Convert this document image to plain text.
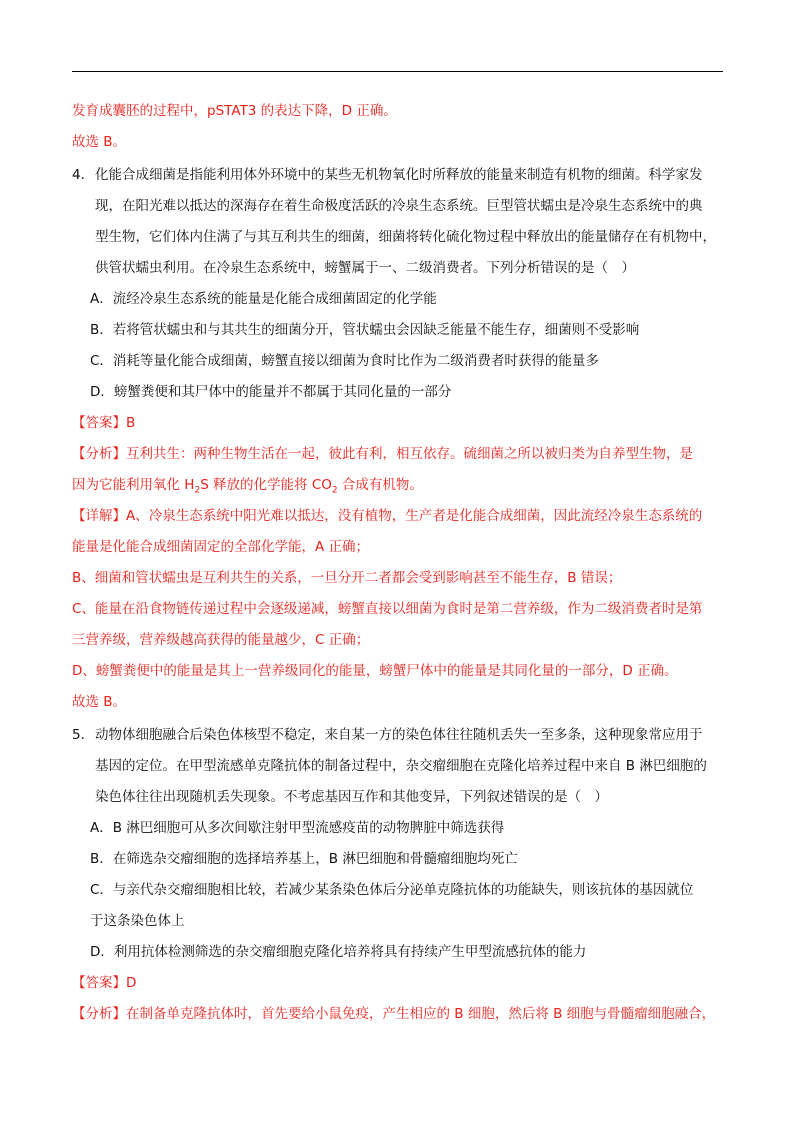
发育成囊胚的过程中，pSTAT3 的表达下降，D 正确。
故选 B。
4． 化能合成细菌是指能利用体外环境中的某些无机物氧化时所释放的能量来制造有机物的细菌。科学家发
现，在阳光难以抵达的深海存在着生命极度活跃的冷泉生态系统。巨型管状蠕虫是冷泉生态系统中的典
型生物，它们体内住满了与其互利共生的细菌，细菌将转化硫化物过程中释放出的能量储存在有机物中，
供管状蠕虫利用。在冷泉生态系统中，螃蟹属于一、二级消费者。下列分析错误的是（　）
A．流经冷泉生态系统的能量是化能合成细菌固定的化学能
B．若将管状蠕虫和与其共生的细菌分开，管状蠕虫会因缺乏能量不能生存，细菌则不受影响
C．消耗等量化能合成细菌，螃蟹直接以细菌为食时比作为二级消费者时获得的能量多
D．螃蟹粪便和其尸体中的能量并不都属于其同化量的一部分
【答案】B
【分析】互利共生：两种生物生活在一起，彼此有利，相互依存。硫细菌之所以被归类为自养型生物，是
因为它能利用氧化 $H_2S$ 释放的化学能将 $CO_2$ 合成有机物。
【详解】A、冷泉生态系统中阳光难以抵达，没有植物，生产者是化能合成细菌，因此流经冷泉生态系统的
能量是化能合成细菌固定的全部化学能，A 正确；
B、细菌和管状蠕虫是互利共生的关系，一旦分开二者都会受到影响甚至不能生存，B 错误；
C、能量在沿食物链传递过程中会逐级递减，螃蟹直接以细菌为食时是第二营养级，作为二级消费者时是第
三营养级，营养级越高获得的能量越少，C 正确；
D、螃蟹粪便中的能量是其上一营养级同化的能量，螃蟹尸体中的能量是其同化量的一部分，D 正确。
故选 B。
5． 动物体细胞融合后染色体核型不稳定，来自某一方的染色体往往随机丢失一至多条，这种现象常应用于
基因的定位。在甲型流感单克隆抗体的制备过程中，杂交瘤细胞在克隆化培养过程中来自 B 淋巴细胞的
染色体往往出现随机丢失现象。不考虑基因互作和其他变异，下列叙述错误的是（　）
A．B 淋巴细胞可从多次间歇注射甲型流感疫苗的动物脾脏中筛选获得
B．在筛选杂交瘤细胞的选择培养基上，B 淋巴细胞和骨髓瘤细胞均死亡
C．与亲代杂交瘤细胞相比较，若减少某条染色体后分泌单克隆抗体的功能缺失，则该抗体的基因就位
于这条染色体上
D．利用抗体检测筛选的杂交瘤细胞克隆化培养将具有持续产生甲型流感抗体的能力
【答案】D
【分析】在制备单克隆抗体时，首先要给小鼠免疫，产生相应的 B 细胞，然后将 B 细胞与骨髓瘤细胞融合，
